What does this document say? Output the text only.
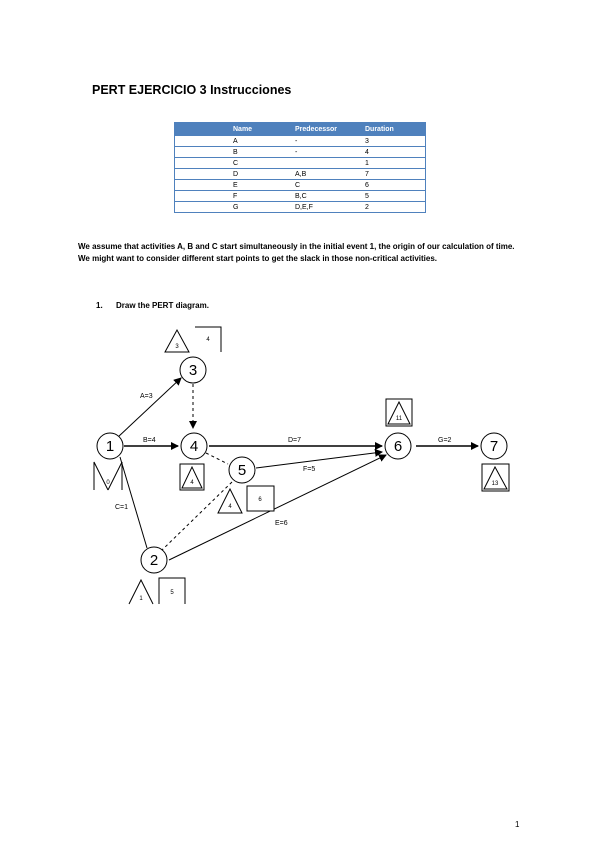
PERT EJERCICIO 3 Instrucciones
Name	Predecessor	Duration
A	-	3
B	-	4
C		1
D	A,B	7
E	C	6
F	B,C	5
G	D,E,F	2
We assume that activities A, B and C start simultaneously in the initial event 1, the origin of our calculation of time. We might want to consider different start points to get the slack in those non-critical activities.
1. Draw the PERT diagram.
A=3
B=4	D=7	G=2
C=1
F=5
E=6
1
2
3
4
5
6	7
3
4
0	4
4
6
11
13
1
5
1
